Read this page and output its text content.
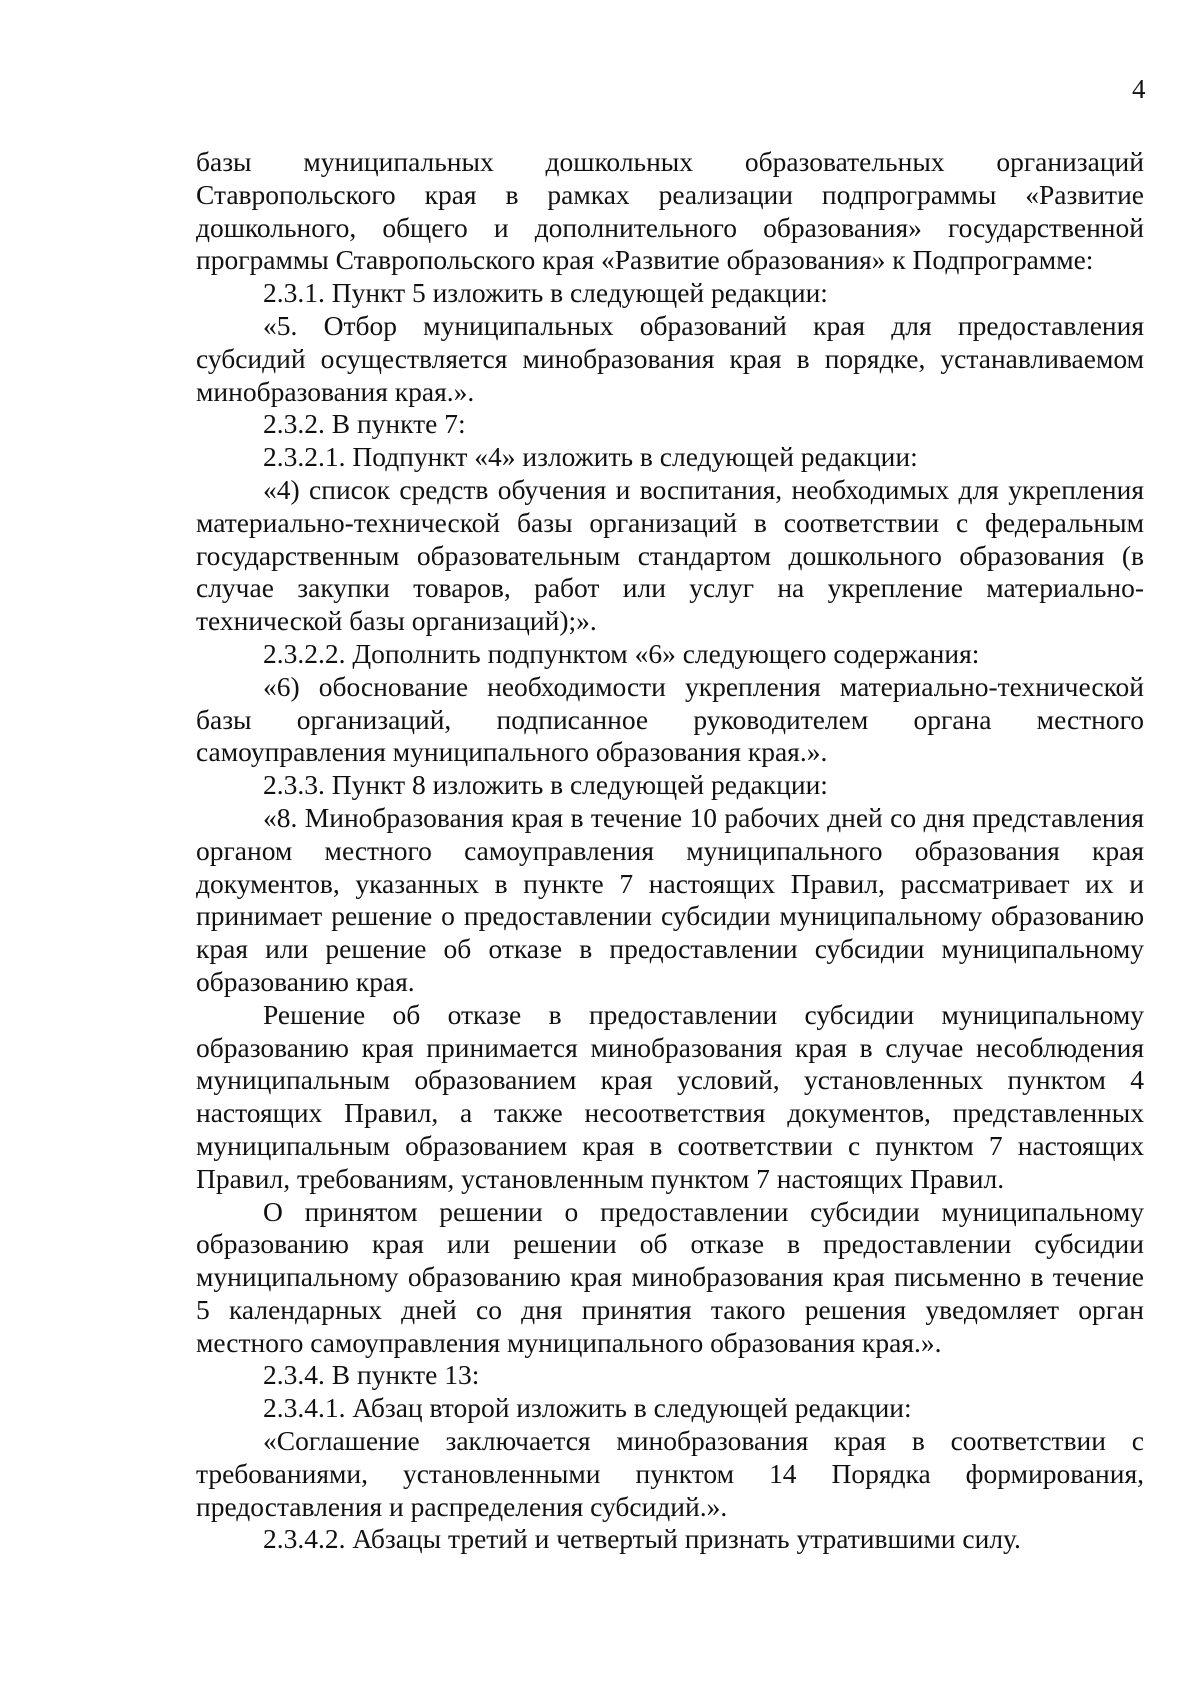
4

базы муниципальных дошкольных образовательных организаций Ставропольского края в рамках реализации подпрограммы «Развитие дошкольного, общего и дополнительного образования» государственной программы Ставропольского края «Развитие образования» к Подпрограмме:

2.3.1. Пункт 5 изложить в следующей редакции:

«5. Отбор муниципальных образований края для предоставления субсидий осуществляется минобразования края в порядке, устанавливаемом минобразования края.».

2.3.2. В пункте 7:

2.3.2.1. Подпункт «4» изложить в следующей редакции:

«4) список средств обучения и воспитания, необходимых для укрепления материально-технической базы организаций в соответствии с федеральным государственным образовательным стандартом дошкольного образования (в случае закупки товаров, работ или услуг на укрепление материально-технической базы организаций);».

2.3.2.2. Дополнить подпунктом «6» следующего содержания:

«6) обоснование необходимости укрепления материально-технической базы организаций, подписанное руководителем органа местного самоуправления муниципального образования края.».

2.3.3. Пункт 8 изложить в следующей редакции:

«8. Минобразования края в течение 10 рабочих дней со дня представления органом местного самоуправления муниципального образования края документов, указанных в пункте 7 настоящих Правил, рассматривает их и принимает решение о предоставлении субсидии муниципальному образованию края или решение об отказе в предоставлении субсидии муниципальному образованию края.

Решение об отказе в предоставлении субсидии муниципальному образованию края принимается минобразования края в случае несоблюдения муниципальным образованием края условий, установленных пунктом 4 настоящих Правил, а также несоответствия документов, представленных муниципальным образованием края в соответствии с пунктом 7 настоящих Правил, требованиям, установленным пунктом 7 настоящих Правил.

О принятом решении о предоставлении субсидии муниципальному образованию края или решении об отказе в предоставлении субсидии муниципальному образованию края минобразования края письменно в течение 5 календарных дней со дня принятия такого решения уведомляет орган местного самоуправления муниципального образования края.».

2.3.4. В пункте 13:

2.3.4.1. Абзац второй изложить в следующей редакции:

«Соглашение заключается минобразования края в соответствии с требованиями, установленными пунктом 14 Порядка формирования, предоставления и распределения субсидий.».

2.3.4.2. Абзацы третий и четвертый признать утратившими силу.
